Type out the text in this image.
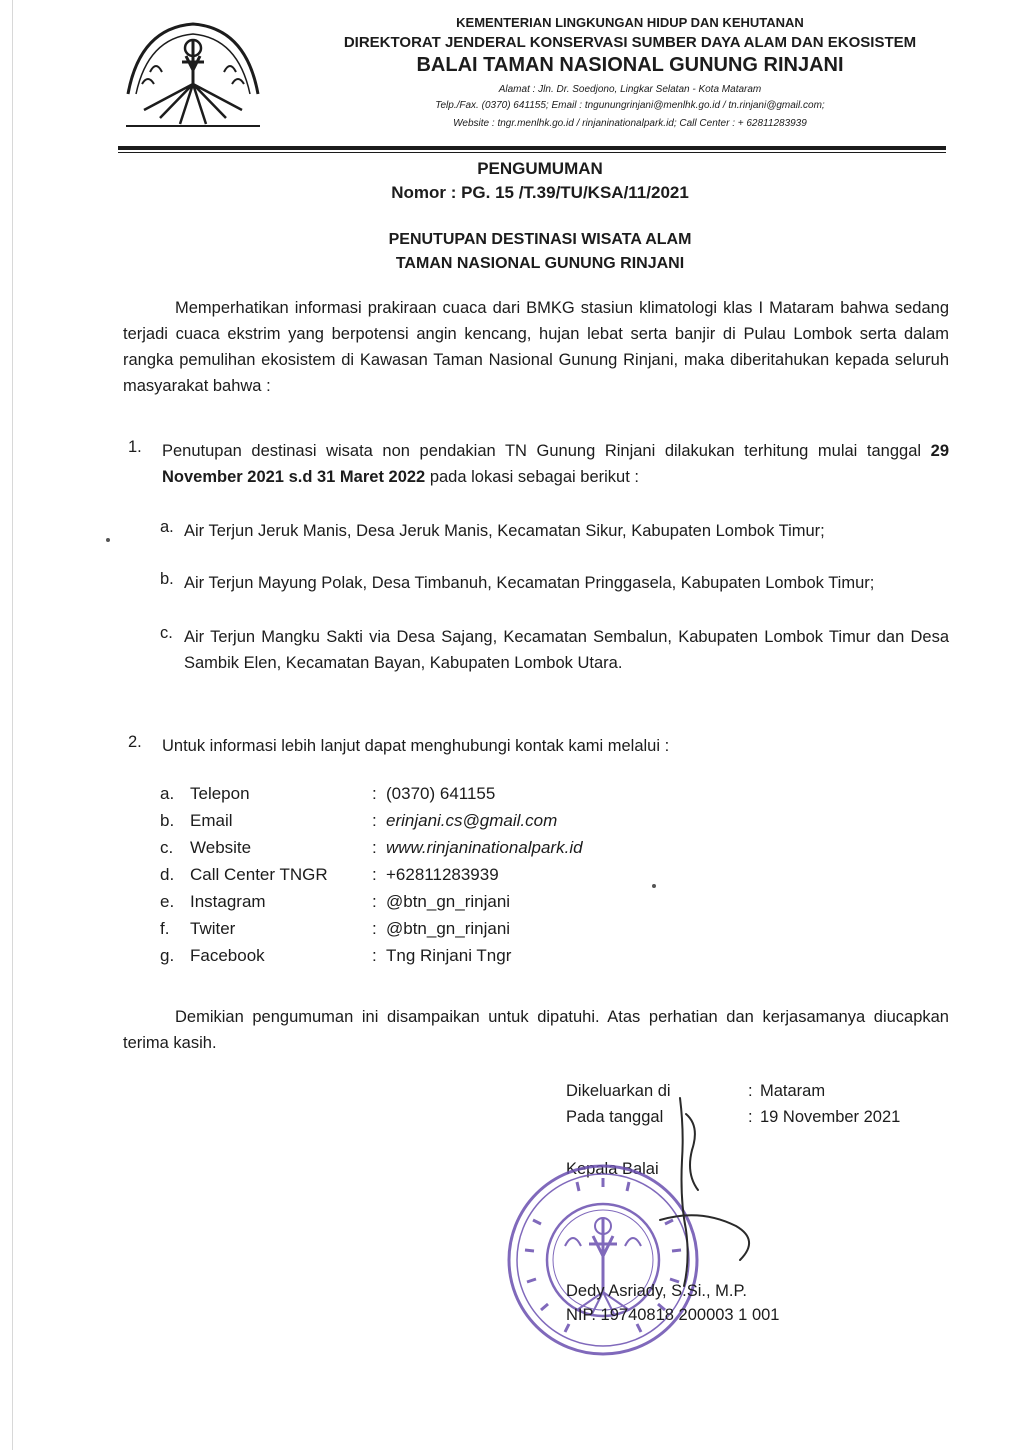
KEMENTERIAN LINGKUNGAN HIDUP DAN KEHUTANAN
DIREKTORAT JENDERAL KONSERVASI SUMBER DAYA ALAM DAN EKOSISTEM
BALAI TAMAN NASIONAL GUNUNG RINJANI
Alamat : Jln. Dr. Soedjono, Lingkar Selatan - Kota Mataram
Telp./Fax. (0370) 641155; Email : tngunungrinjani@menlhk.go.id / tn.rinjani@gmail.com;
Website : tngr.menlhk.go.id / rinjaninationalpark.id; Call Center : + 62811283939
PENGUMUMAN
Nomor : PG. 15 /T.39/TU/KSA/11/2021
PENUTUPAN DESTINASI WISATA ALAM
TAMAN NASIONAL GUNUNG RINJANI
Memperhatikan informasi prakiraan cuaca dari BMKG stasiun klimatologi klas I Mataram bahwa sedang terjadi cuaca ekstrim yang berpotensi angin kencang, hujan lebat serta banjir di Pulau Lombok serta dalam rangka pemulihan ekosistem di Kawasan Taman Nasional Gunung Rinjani, maka diberitahukan kepada seluruh masyarakat bahwa :
1. Penutupan destinasi wisata non pendakian TN Gunung Rinjani dilakukan terhitung mulai tanggal 29 November 2021 s.d 31 Maret 2022 pada lokasi sebagai berikut :
a. Air Terjun Jeruk Manis, Desa Jeruk Manis, Kecamatan Sikur, Kabupaten Lombok Timur;
b. Air Terjun Mayung Polak, Desa Timbanuh, Kecamatan Pringgasela, Kabupaten Lombok Timur;
c. Air Terjun Mangku Sakti via Desa Sajang, Kecamatan Sembalun, Kabupaten Lombok Timur dan Desa Sambik Elen, Kecamatan Bayan, Kabupaten Lombok Utara.
2. Untuk informasi lebih lanjut dapat menghubungi kontak kami melalui :
a. Telepon	: (0370) 641155
b. Email	: erinjani.cs@gmail.com
c. Website	: www.rinjaninationalpark.id
d. Call Center TNGR	: +62811283939
e. Instagram	: @btn_gn_rinjani
f. Twiter	: @btn_gn_rinjani
g. Facebook	: Tng Rinjani Tngr
Demikian pengumuman ini disampaikan untuk dipatuhi. Atas perhatian dan kerjasamanya diucapkan terima kasih.
Dikeluarkan di	: Mataram
Pada tanggal	: 19 November 2021
Kepala Balai
Dedy Asriady, S.Si., M.P.
NIP. 19740818 200003 1 001
